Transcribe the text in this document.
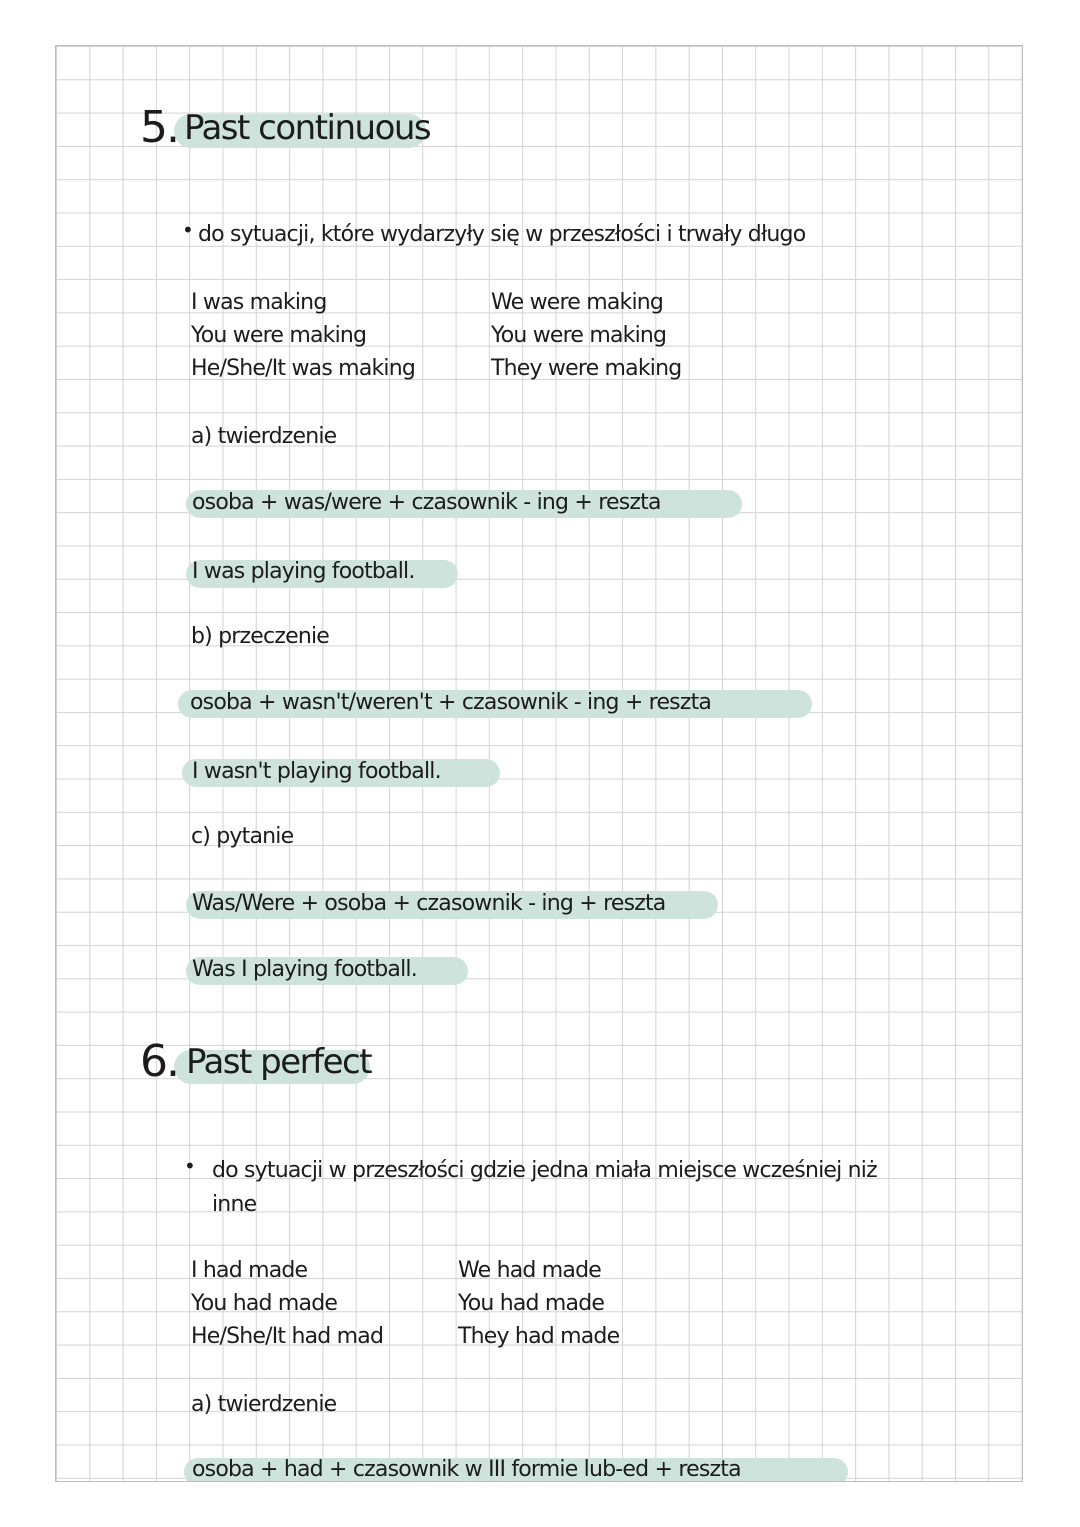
5. Past continuous
• do sytuacji, które wydarzyły się w przeszłości i trwały długo
I was making
You were making
He/She/It was making
We were making
You were making
They were making
a) twierdzenie
osoba + was/were + czasownik - ing + reszta
I was playing football.
b) przeczenie
osoba + wasn't/weren't + czasownik - ing + reszta
I wasn't playing football.
c) pytanie
Was/Were + osoba + czasownik - ing + reszta
Was I playing football.
6. Past perfect
• do sytuacji w przeszłości gdzie jedna miała miejsce wcześniej niż
inne
I had made
You had made
He/She/It had mad
We had made
You had made
They had made
a) twierdzenie
osoba + had + czasownik w III formie lub-ed + reszta
